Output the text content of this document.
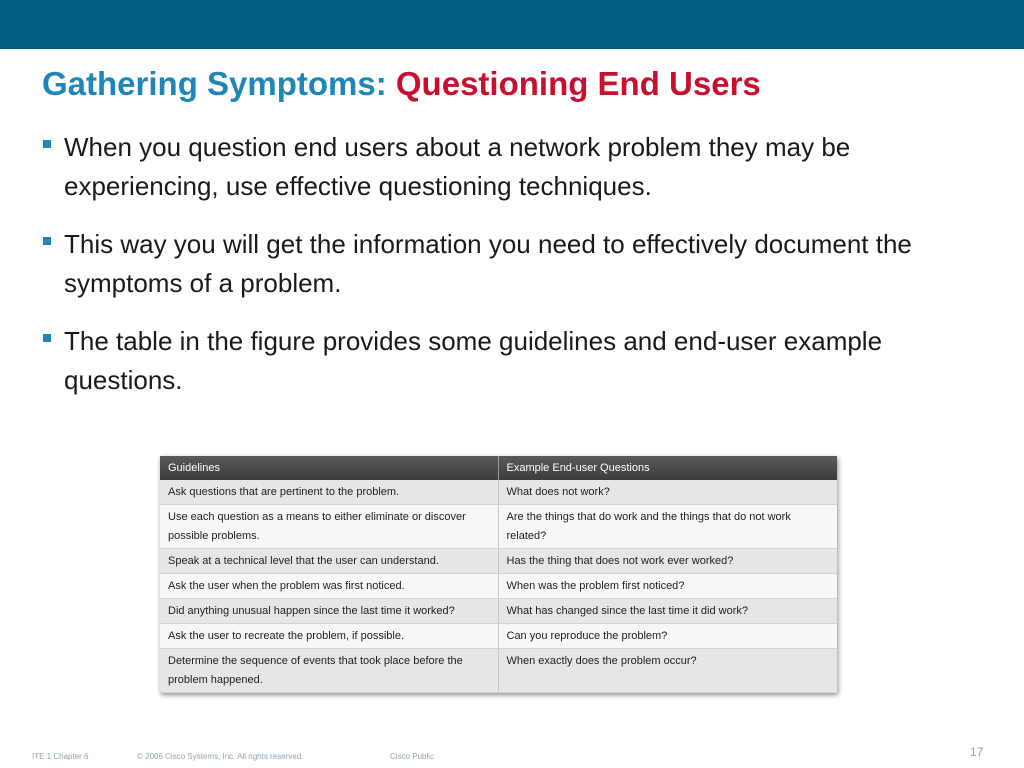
Gathering Symptoms: Questioning End Users
When you question end users about a network problem they may be experiencing, use effective questioning techniques.
This way you will get the information you need to effectively document the symptoms of a problem.
The table in the figure provides some guidelines and end-user example questions.
Guidelines	Example End-user Questions
Ask questions that are pertinent to the problem.	What does not work?
Use each question as a means to either eliminate or discover possible problems.	Are the things that do work and the things that do not work related?
Speak at a technical level that the user can understand.	Has the thing that does not work ever worked?
Ask the user when the problem was first noticed.	When was the problem first noticed?
Did anything unusual happen since the last time it worked?	What has changed since the last time it did work?
Ask the user to recreate the problem, if possible.	Can you reproduce the problem?
Determine the sequence of events that took place before the problem happened.	When exactly does the problem occur?
ITE 1 Chapter 6	© 2006 Cisco Systems, Inc. All rights reserved.	Cisco Public	17
